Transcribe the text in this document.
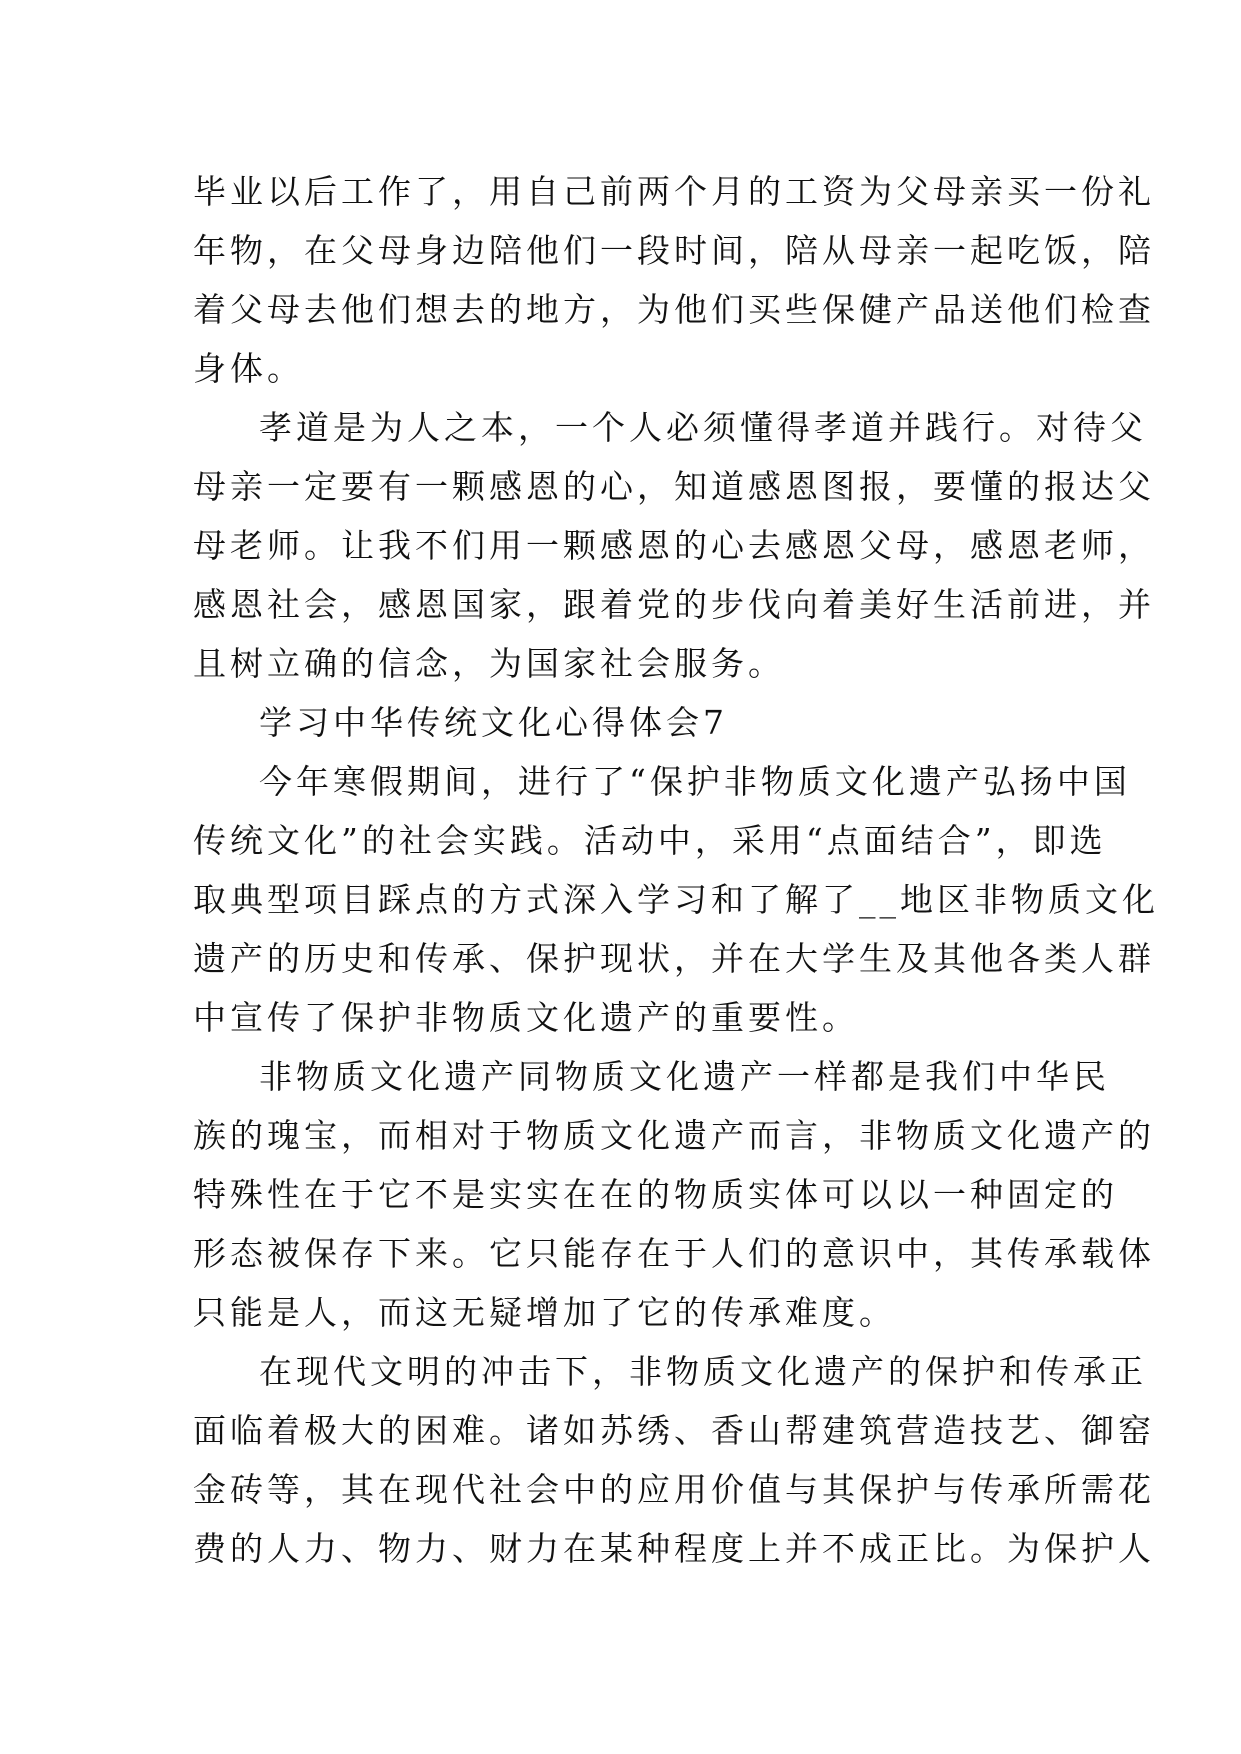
毕业以后工作了，用自己前两个月的工资为父母亲买一份礼
年物，在父母身边陪他们一段时间，陪从母亲一起吃饭，陪
着父母去他们想去的地方，为他们买些保健产品送他们检查
身体。
孝道是为人之本，一个人必须懂得孝道并践行。对待父
母亲一定要有一颗感恩的心，知道感恩图报，要懂的报达父
母老师。让我不们用一颗感恩的心去感恩父母，感恩老师，
感恩社会，感恩国家，跟着党的步伐向着美好生活前进，并
且树立确的信念，为国家社会服务。
学习中华传统文化心得体会7
今年寒假期间，进行了“保护非物质文化遗产弘扬中国
传统文化”的社会实践。活动中，采用“点面结合”，即选
取典型项目踩点的方式深入学习和了解了__地区非物质文化
遗产的历史和传承、保护现状，并在大学生及其他各类人群
中宣传了保护非物质文化遗产的重要性。
非物质文化遗产同物质文化遗产一样都是我们中华民
族的瑰宝，而相对于物质文化遗产而言，非物质文化遗产的
特殊性在于它不是实实在在的物质实体可以以一种固定的
形态被保存下来。它只能存在于人们的意识中，其传承载体
只能是人，而这无疑增加了它的传承难度。
在现代文明的冲击下，非物质文化遗产的保护和传承正
面临着极大的困难。诸如苏绣、香山帮建筑营造技艺、御窑
金砖等，其在现代社会中的应用价值与其保护与传承所需花
费的人力、物力、财力在某种程度上并不成正比。为保护人
